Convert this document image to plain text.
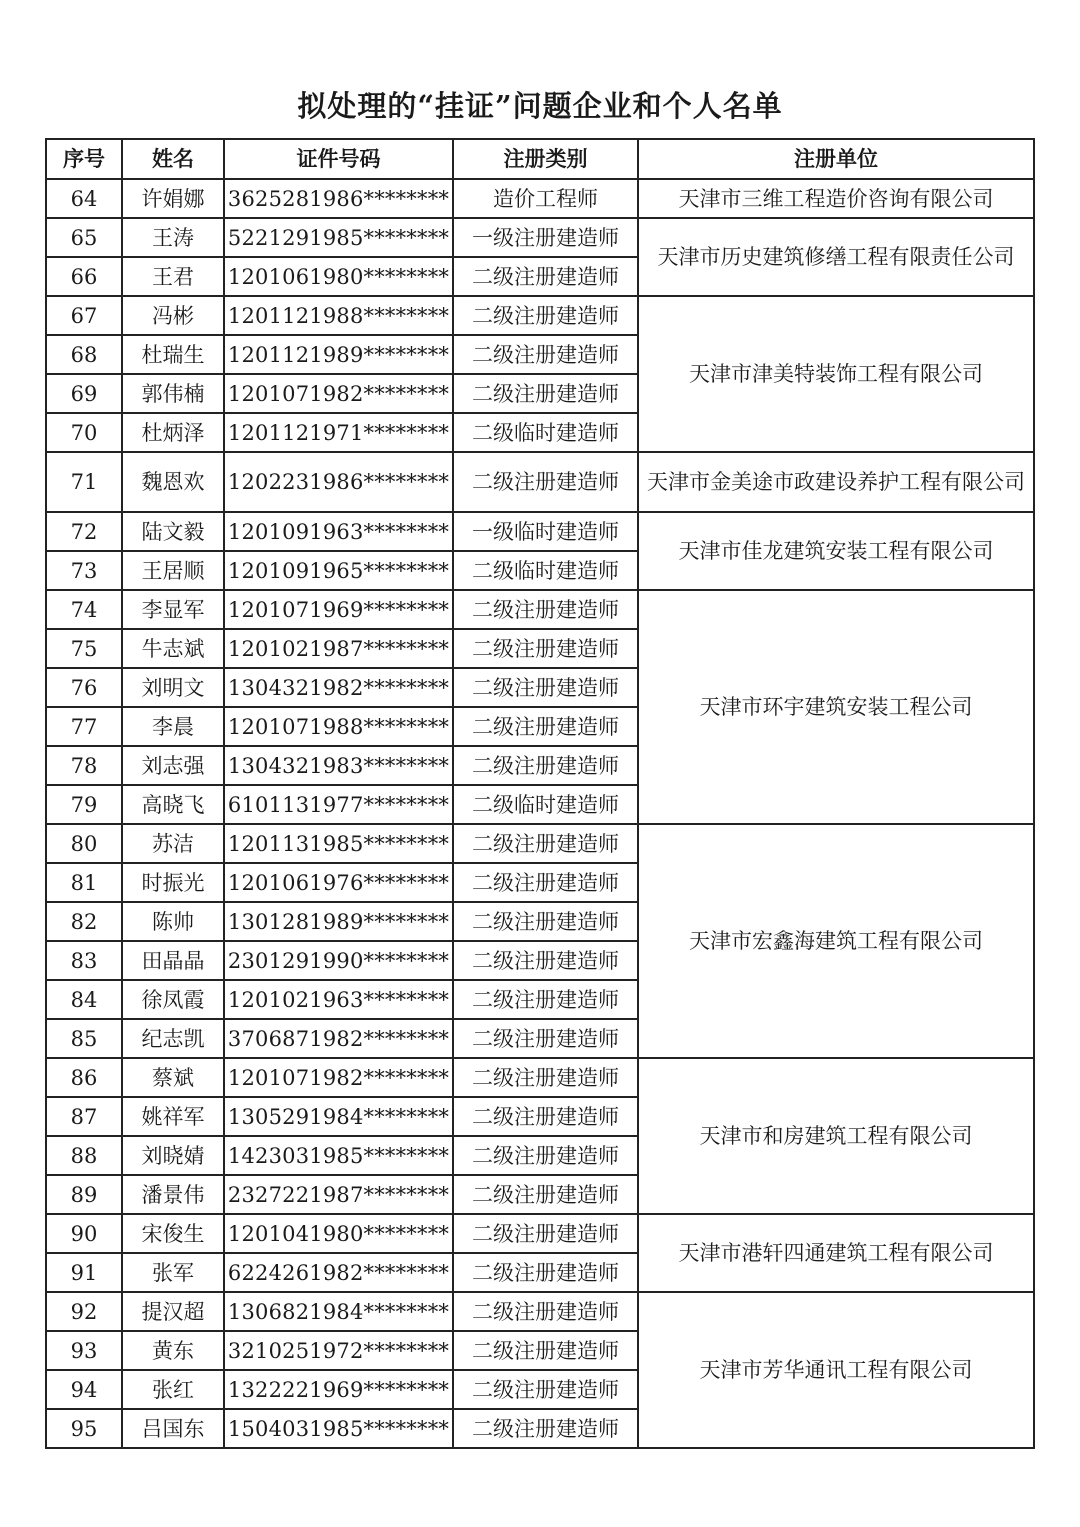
拟处理的“挂证”问题企业和个人名单
序号	姓名	证件号码	注册类别	注册单位
64	许娟娜	3625281986********	造价工程师	天津市三维工程造价咨询有限公司
65	王涛	5221291985********	一级注册建造师	天津市历史建筑修缮工程有限责任公司
66	王君	1201061980********	二级注册建造师	
67	冯彬	1201121988********	二级注册建造师	天津市津美特装饰工程有限公司
68	杜瑞生	1201121989********	二级注册建造师	
69	郭伟楠	1201071982********	二级注册建造师	
70	杜炳泽	1201121971********	二级临时建造师	
71	魏恩欢	1202231986********	二级注册建造师	天津市金美途市政建设养护工程有限公司
72	陆文毅	1201091963********	一级临时建造师	天津市佳龙建筑安装工程有限公司
73	王居顺	1201091965********	二级临时建造师	
74	李显军	1201071969********	二级注册建造师	天津市环宇建筑安装工程公司
75	牛志斌	1201021987********	二级注册建造师	
76	刘明文	1304321982********	二级注册建造师	
77	李晨	1201071988********	二级注册建造师	
78	刘志强	1304321983********	二级注册建造师	
79	高晓飞	6101131977********	二级临时建造师	
80	苏洁	1201131985********	二级注册建造师	天津市宏鑫海建筑工程有限公司
81	时振光	1201061976********	二级注册建造师	
82	陈帅	1301281989********	二级注册建造师	
83	田晶晶	2301291990********	二级注册建造师	
84	徐凤霞	1201021963********	二级注册建造师	
85	纪志凯	3706871982********	二级注册建造师	
86	蔡斌	1201071982********	二级注册建造师	天津市和房建筑工程有限公司
87	姚祥军	1305291984********	二级注册建造师	
88	刘晓婧	1423031985********	二级注册建造师	
89	潘景伟	2327221987********	二级注册建造师	
90	宋俊生	1201041980********	二级注册建造师	天津市港轩四通建筑工程有限公司
91	张军	6224261982********	二级注册建造师	
92	提汉超	1306821984********	二级注册建造师	天津市芳华通讯工程有限公司
93	黄东	3210251972********	二级注册建造师	
94	张红	1322221969********	二级注册建造师	
95	吕国东	1504031985********	二级注册建造师	
